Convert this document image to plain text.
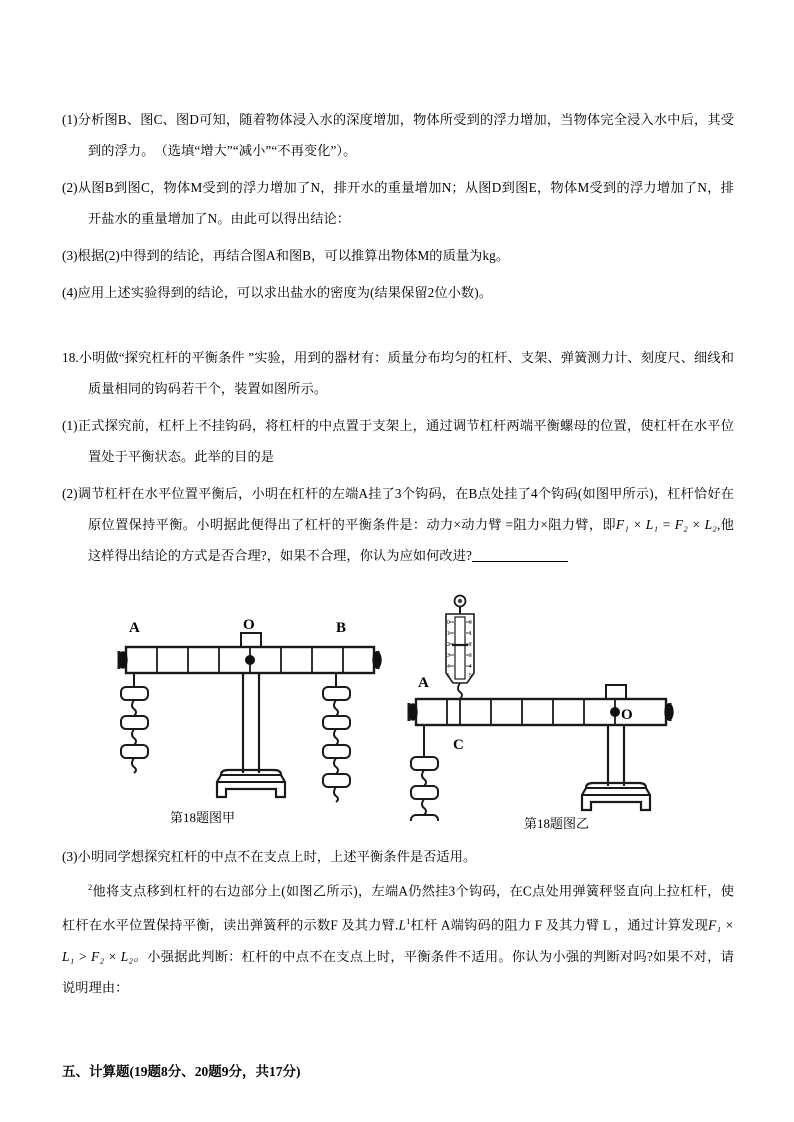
(1)分析图B、图C、图D可知，随着物体浸入水的深度增加，物体所受到的浮力增加，当物体完全浸入水中后，其受到的浮力。　（选填“增大”“减小”“不再变化”）。
(2)从图B到图C，物体M受到的浮力增加了N，排开水的重量增加N；从图D到图E，物体M受到的浮力增加了N，排开盐水的重量增加了N。由此可以得出结论：
(3)根据(2)中得到的结论，再结合图A和图B，可以推算出物体M的质量为kg。
(4)应用上述实验得到的结论，可以求出盐水的密度为(结果保留2位小数)。
18.小明做“探究杠杆的平衡条件 ”实验，用到的器材有：质量分布均匀的杠杆、支架、弹簧测力计、刻度尺、细线和质量相同的钩码若干个，装置如图所示。
(1)正式探究前，杠杆上不挂钩码，将杠杆的中点置于支架上，通过调节杠杆两端平衡螺母的位置，使杠杆在水平位置处于平衡状态。此举的目的是
(2)调节杠杆在水平位置平衡后，小明在杠杆的左端A挂了3个钩码，在B点处挂了4个钩码(如图甲所示)，杠杆恰好在原位置保持平衡。小明据此便得出了杠杆的平衡条件是：动力×动力臂 =阻力×阻力臂，即F₁ × L₁ = F₂ × L₂,他这样得出结论的方式是否合理?，如果不合理，你认为应如何改进?
A	O	B
第18题图甲
0
1
2
3
4
5
0
1
2
3
4
5
A
C
O
第18题图乙
(3)小明同学想探究杠杆的中点不在支点上时，上述平衡条件是否适用。
$^2$他将支点移到杠杆的右边部分上(如图乙所示)，左端A仍然挂3个钩码，在C点处用弹簧秤竖直向上拉杠杆，使杠杆在水平位置保持平衡，读出弹簧秤的示数F 及其力臂$.L^1$杠杆 A端钩码的阻力 F 及其力臂 L ，通过计算发现F₁ × L₁ > F₂ × L₂。小强据此判断：杠杆的中点不在支点上时，平衡条件不适用。你认为小强的判断对吗?如果不对，请说明理由：
五、计算题(19题8分、20题9分，共17分)
